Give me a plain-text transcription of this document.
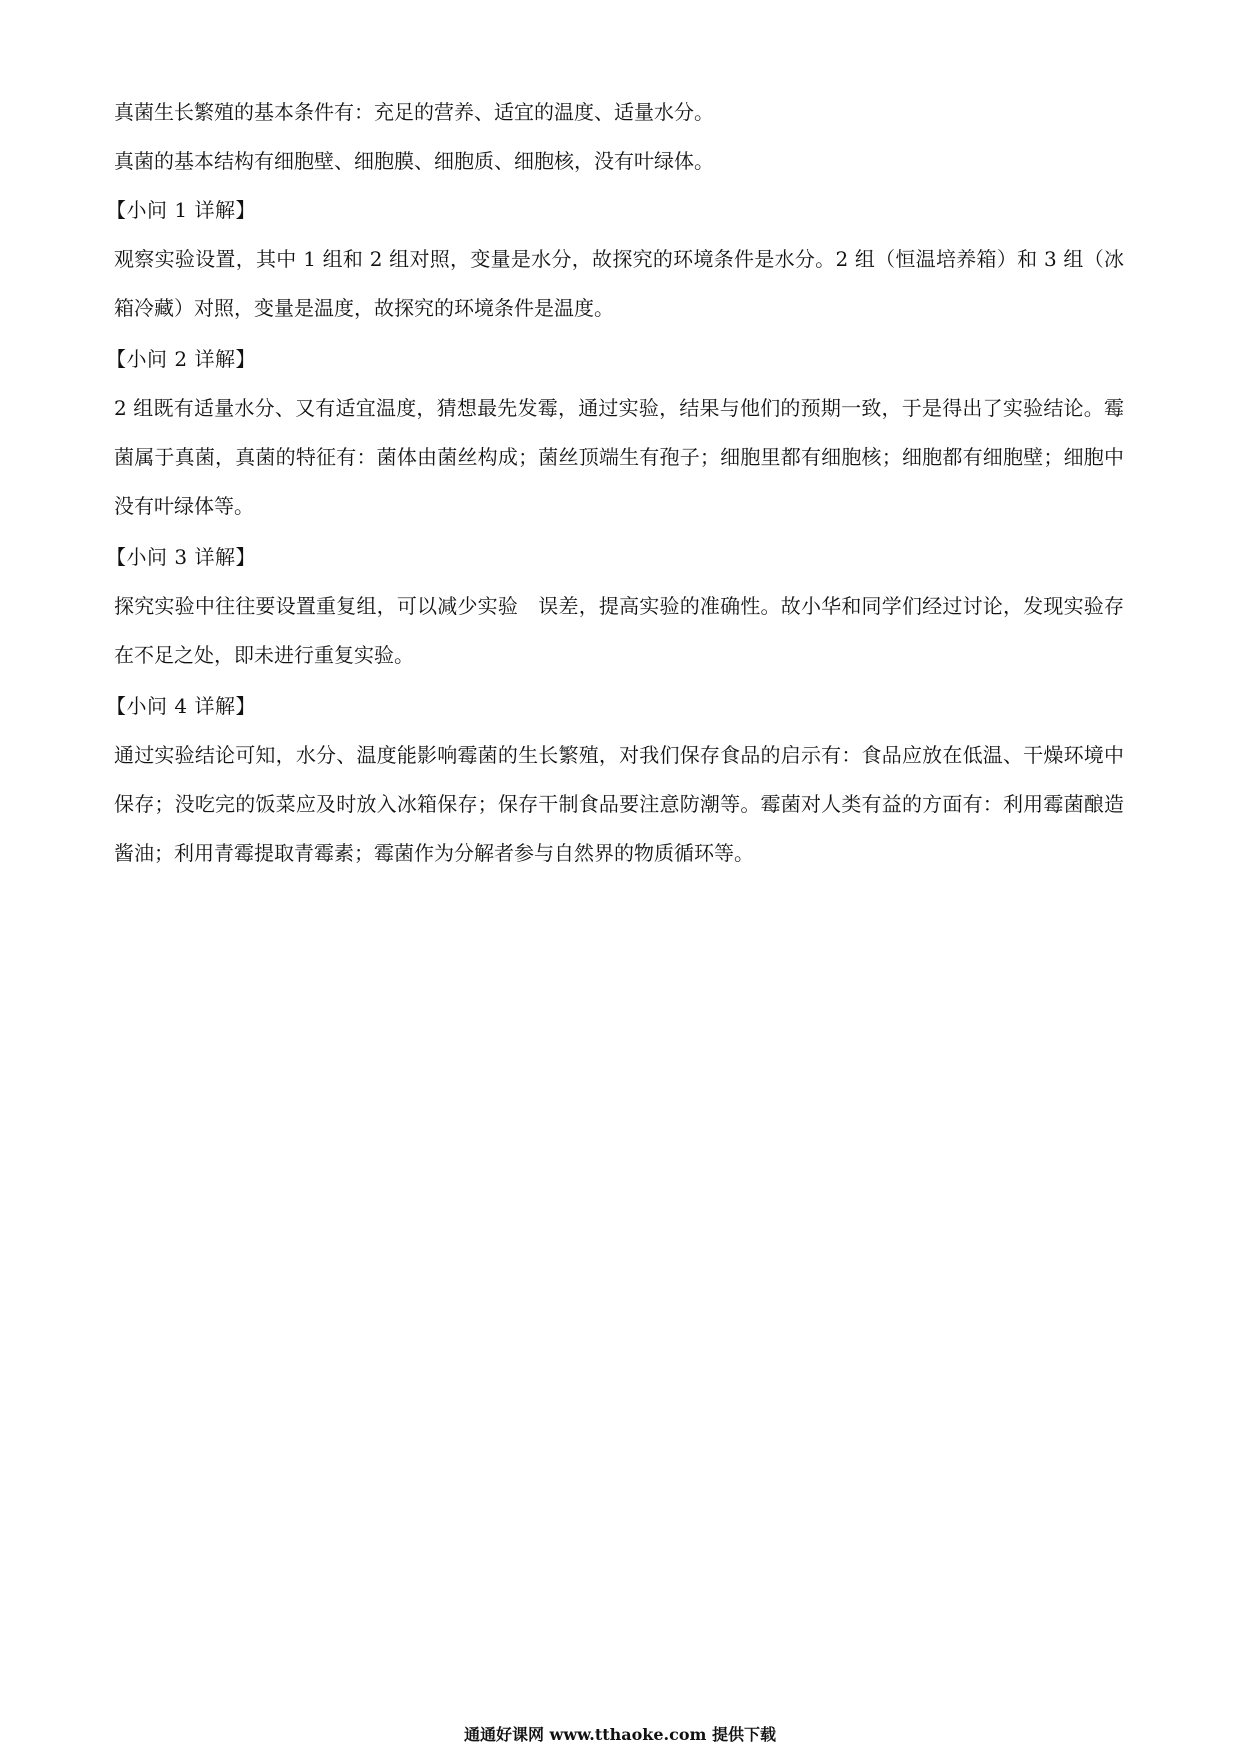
真菌生长繁殖的基本条件有：充足的营养、适宜的温度、适量水分。
真菌的基本结构有细胞壁、细胞膜、细胞质、细胞核，没有叶绿体。
【小问 1 详解】
观察实验设置，其中 1 组和 2 组对照，变量是水分，故探究的环境条件是水分。2 组（恒温培养箱）和 3 组（冰箱冷藏）对照，变量是温度，故探究的环境条件是温度。
【小问 2 详解】
2 组既有适量水分、又有适宜温度，猜想最先发霉，通过实验，结果与他们的预期一致，于是得出了实验结论。霉菌属于真菌，真菌的特征有：菌体由菌丝构成；菌丝顶端生有孢子；细胞里都有细胞核；细胞都有细胞壁；细胞中没有叶绿体等。
【小问 3 详解】
探究实验中往往要设置重复组，可以减少实验　误差，提高实验的准确性。故小华和同学们经过讨论，发现实验存在不足之处，即未进行重复实验。
【小问 4 详解】
通过实验结论可知，水分、温度能影响霉菌的生长繁殖，对我们保存食品的启示有：食品应放在低温、干燥环境中保存；没吃完的饭菜应及时放入冰箱保存；保存干制食品要注意防潮等。霉菌对人类有益的方面有：利用霉菌酿造酱油；利用青霉提取青霉素；霉菌作为分解者参与自然界的物质循环等。
通通好课网 www.tthaoke.com 提供下载
